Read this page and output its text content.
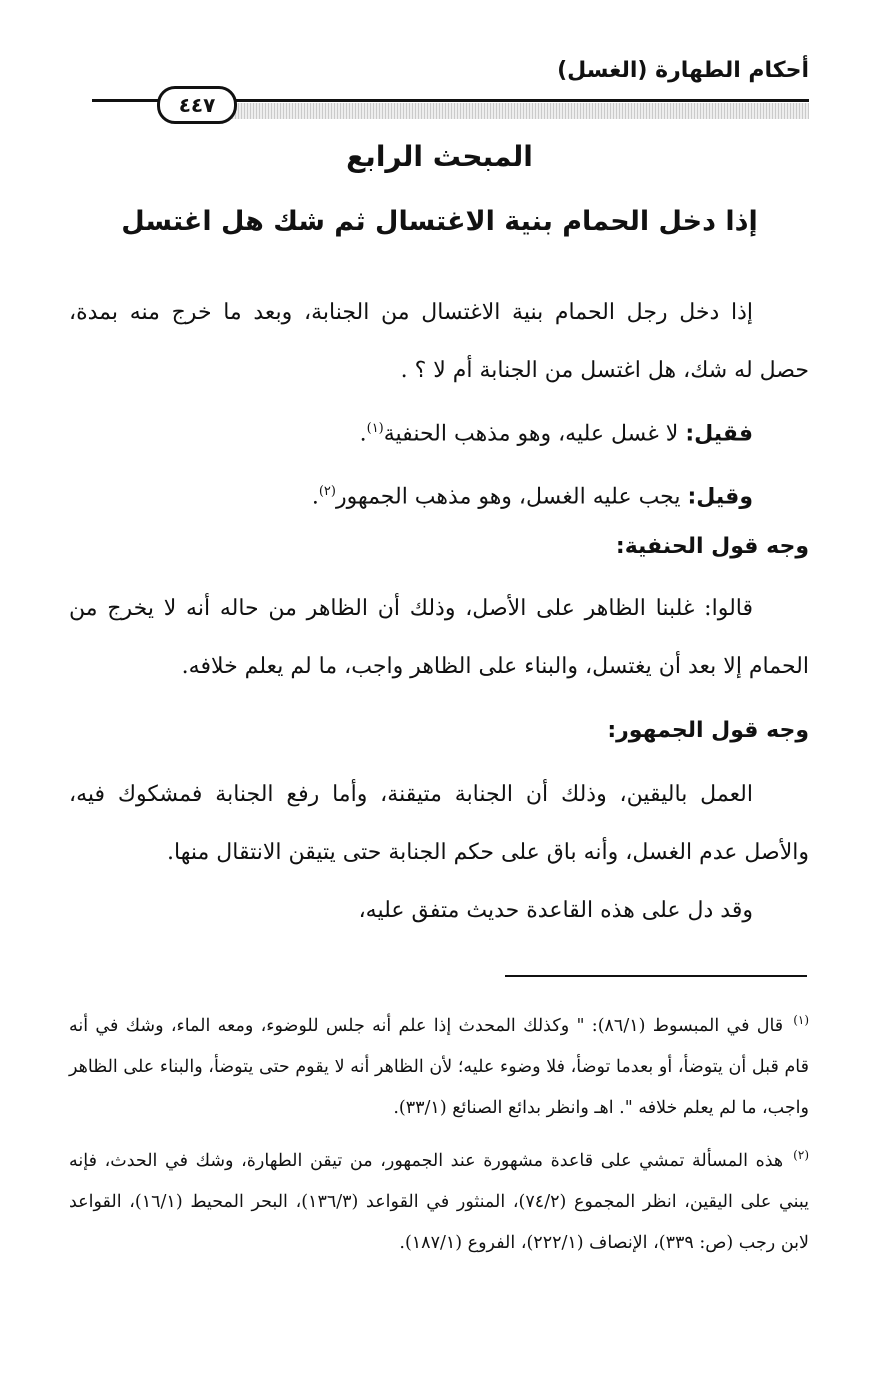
أحكام الطهارة (الغسل)
٤٤٧
المبحث الرابع
إذا دخل الحمام بنية الاغتسال ثم شك هل اغتسل

إذا دخل رجل الحمام بنية الاغتسال من الجنابة، وبعد ما خرج منه بمدة، حصل له شك، هل اغتسل من الجنابة أم لا ؟ .

فقيل: لا غسل عليه، وهو مذهب الحنفية$^{(١)}$.

وقيل: يجب عليه الغسل، وهو مذهب الجمهور$^{(٢)}$.

وجه قول الحنفية:

قالوا: غلبنا الظاهر على الأصل، وذلك أن الظاهر من حاله أنه لا يخرج من الحمام إلا بعد أن يغتسل، والبناء على الظاهر واجب، ما لم يعلم خلافه.

وجه قول الجمهور:

العمل باليقين، وذلك أن الجنابة متيقنة، وأما رفع الجنابة فمشكوك فيه، والأصل عدم الغسل، وأنه باق على حكم الجنابة حتى يتيقن الانتقال منها.

وقد دل على هذه القاعدة حديث متفق عليه،

$^{(١)}$قال في المبسوط (٨٦/١): " وكذلك المحدث إذا علم أنه جلس للوضوء، ومعه الماء، وشك في أنه قام قبل أن يتوضأ، أو بعدما توضأ، فلا وضوء عليه؛ لأن الظاهر أنه لا يقوم حتى يتوضأ، والبناء على الظاهر واجب، ما لم يعلم خلافه ". اهـ وانظر بدائع الصنائع (٣٣/١).

$^{(٢)}$هذه المسألة تمشي على قاعدة مشهورة عند الجمهور، من تيقن الطهارة، وشك في الحدث، فإنه يبني على اليقين، انظر المجموع (٧٤/٢)، المنثور في القواعد (١٣٦/٣)، البحر المحيط (١٦/١)، القواعد لابن رجب (ص: ٣٣٩)، الإنصاف (٢٢٢/١)، الفروع (١٨٧/١).
